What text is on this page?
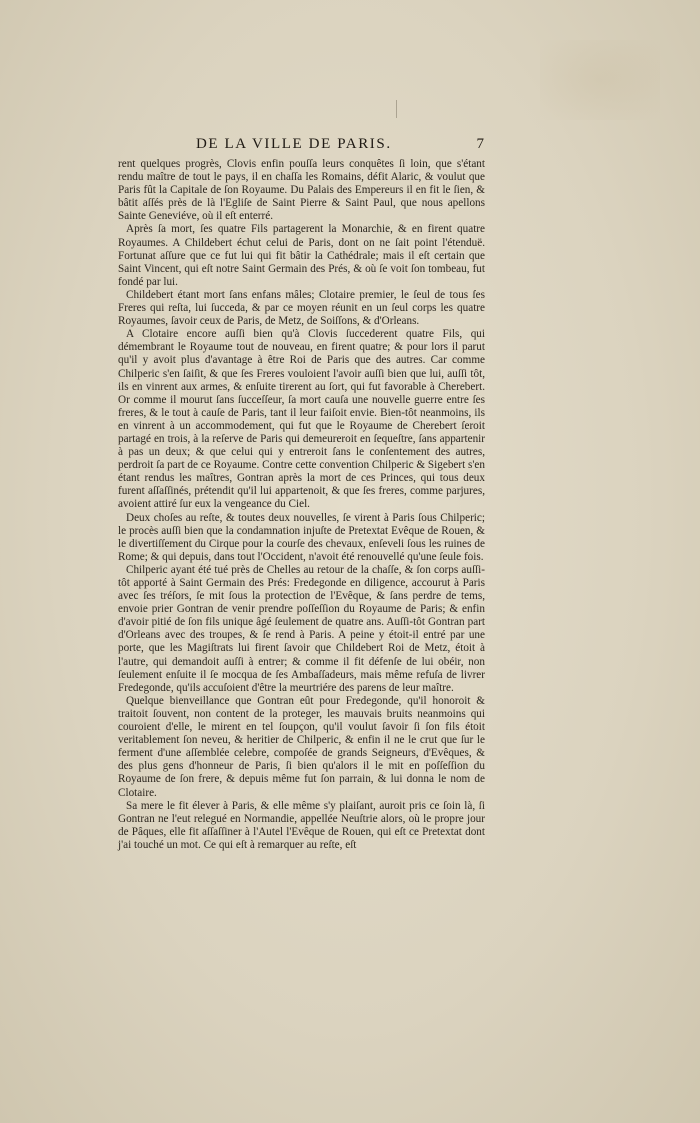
DE LA VILLE DE PARIS.	7

rent quelques progrès, Clovis enfin pouſſa leurs conquêtes ſi loin, que s'étant rendu maître de tout le pays, il en chaſſa les Romains, défit Alaric, & voulut que Paris fût la Capitale de ſon Royaume. Du Palais des Empereurs il en fit le ſien, & bâtit aſſés près de là l'Egliſe de Saint Pierre & Saint Paul, que nous apellons Sainte Geneviéve, où il eſt enterré.

Après ſa mort, ſes quatre Fils partagerent la Monarchie, & en firent quatre Royaumes. A Childebert échut celui de Paris, dont on ne ſait point l'étenduë. Fortunat aſſure que ce fut lui qui fit bâtir la Cathédrale; mais il eſt certain que Saint Vincent, qui eſt notre Saint Germain des Prés, & où ſe voit ſon tombeau, fut fondé par lui.

Childebert étant mort ſans enfans mâles; Clotaire premier, le ſeul de tous ſes Freres qui reſta, lui ſucceda, & par ce moyen réunit en un ſeul corps les quatre Royaumes, ſavoir ceux de Paris, de Metz, de Soiſſons, & d'Orleans.

A Clotaire encore auſſi bien qu'à Clovis ſuccederent quatre Fils, qui démembrant le Royaume tout de nouveau, en firent quatre; & pour lors il parut qu'il y avoit plus d'avantage à être Roi de Paris que des autres. Car comme Chilperic s'en ſaiſit, & que ſes Freres vouloient l'avoir auſſi bien que lui, auſſi tôt, ils en vinrent aux armes, & enſuite tirerent au ſort, qui fut favorable à Cherebert. Or comme il mourut ſans ſucceſſeur, ſa mort cauſa une nouvelle guerre entre ſes freres, & le tout à cauſe de Paris, tant il leur faiſoit envie. Bien-tôt neanmoins, ils en vinrent à un accommodement, qui fut que le Royaume de Cherebert ſeroit partagé en trois, à la reſerve de Paris qui demeureroit en ſequeſtre, ſans appartenir à pas un deux; & que celui qui y entreroit ſans le conſentement des autres, perdroit ſa part de ce Royaume. Contre cette convention Chilperic & Sigebert s'en étant rendus les maîtres, Gontran après la mort de ces Princes, qui tous deux furent aſſaſſinés, prétendit qu'il lui appartenoit, & que ſes freres, comme parjures, avoient attiré ſur eux la vengeance du Ciel.

Deux choſes au reſte, & toutes deux nouvelles, ſe virent à Paris ſous Chilperic; le procès auſſi bien que la condamnation injuſte de Pretextat Evêque de Rouen, & le divertiſſement du Cirque pour la courſe des chevaux, enſeveli ſous les ruines de Rome; & qui depuis, dans tout l'Occident, n'avoit été renouvellé qu'une ſeule fois.

Chilperic ayant été tué près de Chelles au retour de la chaſſe, & ſon corps auſſi-tôt apporté à Saint Germain des Prés: Fredegonde en diligence, accourut à Paris avec ſes tréſors, ſe mit ſous la protection de l'Evêque, & ſans perdre de tems, envoie prier Gontran de venir prendre poſſeſſion du Royaume de Paris; & enfin d'avoir pitié de ſon fils unique âgé ſeulement de quatre ans. Auſſi-tôt Gontran part d'Orleans avec des troupes, & ſe rend à Paris. A peine y étoit-il entré par une porte, que les Magiſtrats lui firent ſavoir que Childebert Roi de Metz, étoit à l'autre, qui demandoit auſſi à entrer; & comme il fit défenſe de lui obéir, non ſeulement enſuite il ſe mocqua de ſes Ambaſſadeurs, mais même refuſa de livrer Fredegonde, qu'ils accuſoient d'être la meurtriére des parens de leur maître.

Quelque bienveillance que Gontran eût pour Fredegonde, qu'il honoroit & traitoit ſouvent, non content de la proteger, les mauvais bruits neanmoins qui couroient d'elle, le mirent en tel ſoupçon, qu'il voulut ſavoir ſi ſon fils étoit veritablement ſon neveu, & heritier de Chilperic, & enfin il ne le crut que ſur le ferment d'une aſſemblée celebre, compoſée de grands Seigneurs, d'Evêques, & des plus gens d'honneur de Paris, ſi bien qu'alors il le mit en poſſeſſion du Royaume de ſon frere, & depuis même fut ſon parrain, & lui donna le nom de Clotaire.

Sa mere le fit élever à Paris, & elle même s'y plaiſant, auroit pris ce ſoin là, ſi Gontran ne l'eut relegué en Normandie, appellée Neuſtrie alors, où le propre jour de Pâques, elle fit aſſaſſiner à l'Autel l'Evêque de Rouen, qui eſt ce Pretextat dont j'ai touché un mot. Ce qui eſt à remarquer au reſte, eſt
